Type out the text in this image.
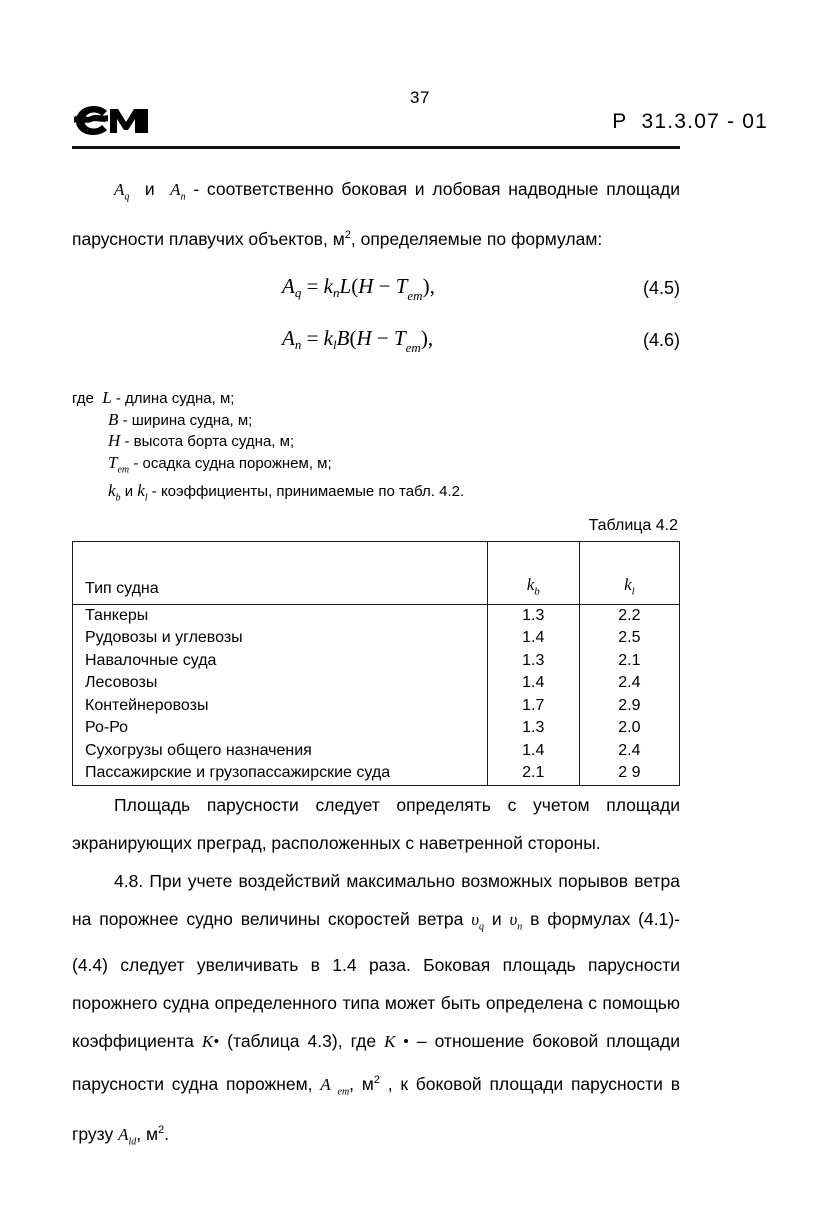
37
Р  31.3.07 - 01

$A_q$ и $A_n$ - соответственно боковая и лобовая надводные площади парусности плавучих объектов, $м^2$, определяемые по формулам:

$Aq = knL(H - T_{em})$,	(4.5)
$An = klB(H - T_{em})$,	(4.6)
где L - длина судна, м;
B - ширина судна, м;
H - высота борта судна, м;
$T_{em}$ - осадка судна порожнем, м;
$k_b$ и $k_l$ - коэффициенты, принимаемые по табл. 4.2.
Таблица 4.2
Тип судна	$k_b$	$k_l$
Танкеры	1.3	2.2
Рудовозы и углевозы	1.4	2.5
Навалочные суда	1.3	2.1
Лесовозы	1.4	2.4
Контейнеровозы	1.7	2.9
Ро-Ро	1.3	2.0
Сухогрузы общего назначения	1.4	2.4
Пассажирские и грузопассажирские суда	2.1	2 9

Площадь парусности следует определять с учетом площади экранирующих преград, расположенных с наветренной стороны.

4.8. При учете воздействий максимально возможных порывов ветра на порожнее судно величины скоростей ветра $\upsilon_q$ и $\upsilon_n$ в формулах (4.1)-(4.4) следует увеличивать в 1.4 раза. Боковая площадь парусности порожнего судна определенного типа может быть определена с помощью коэффициента K• (таблица 4.3), где K • – отношение боковой площади парусности судна порожнем, A $_{em}$, $м^2$ , к боковой площади парусности в грузу $A_{ld}$, $м^2$.
